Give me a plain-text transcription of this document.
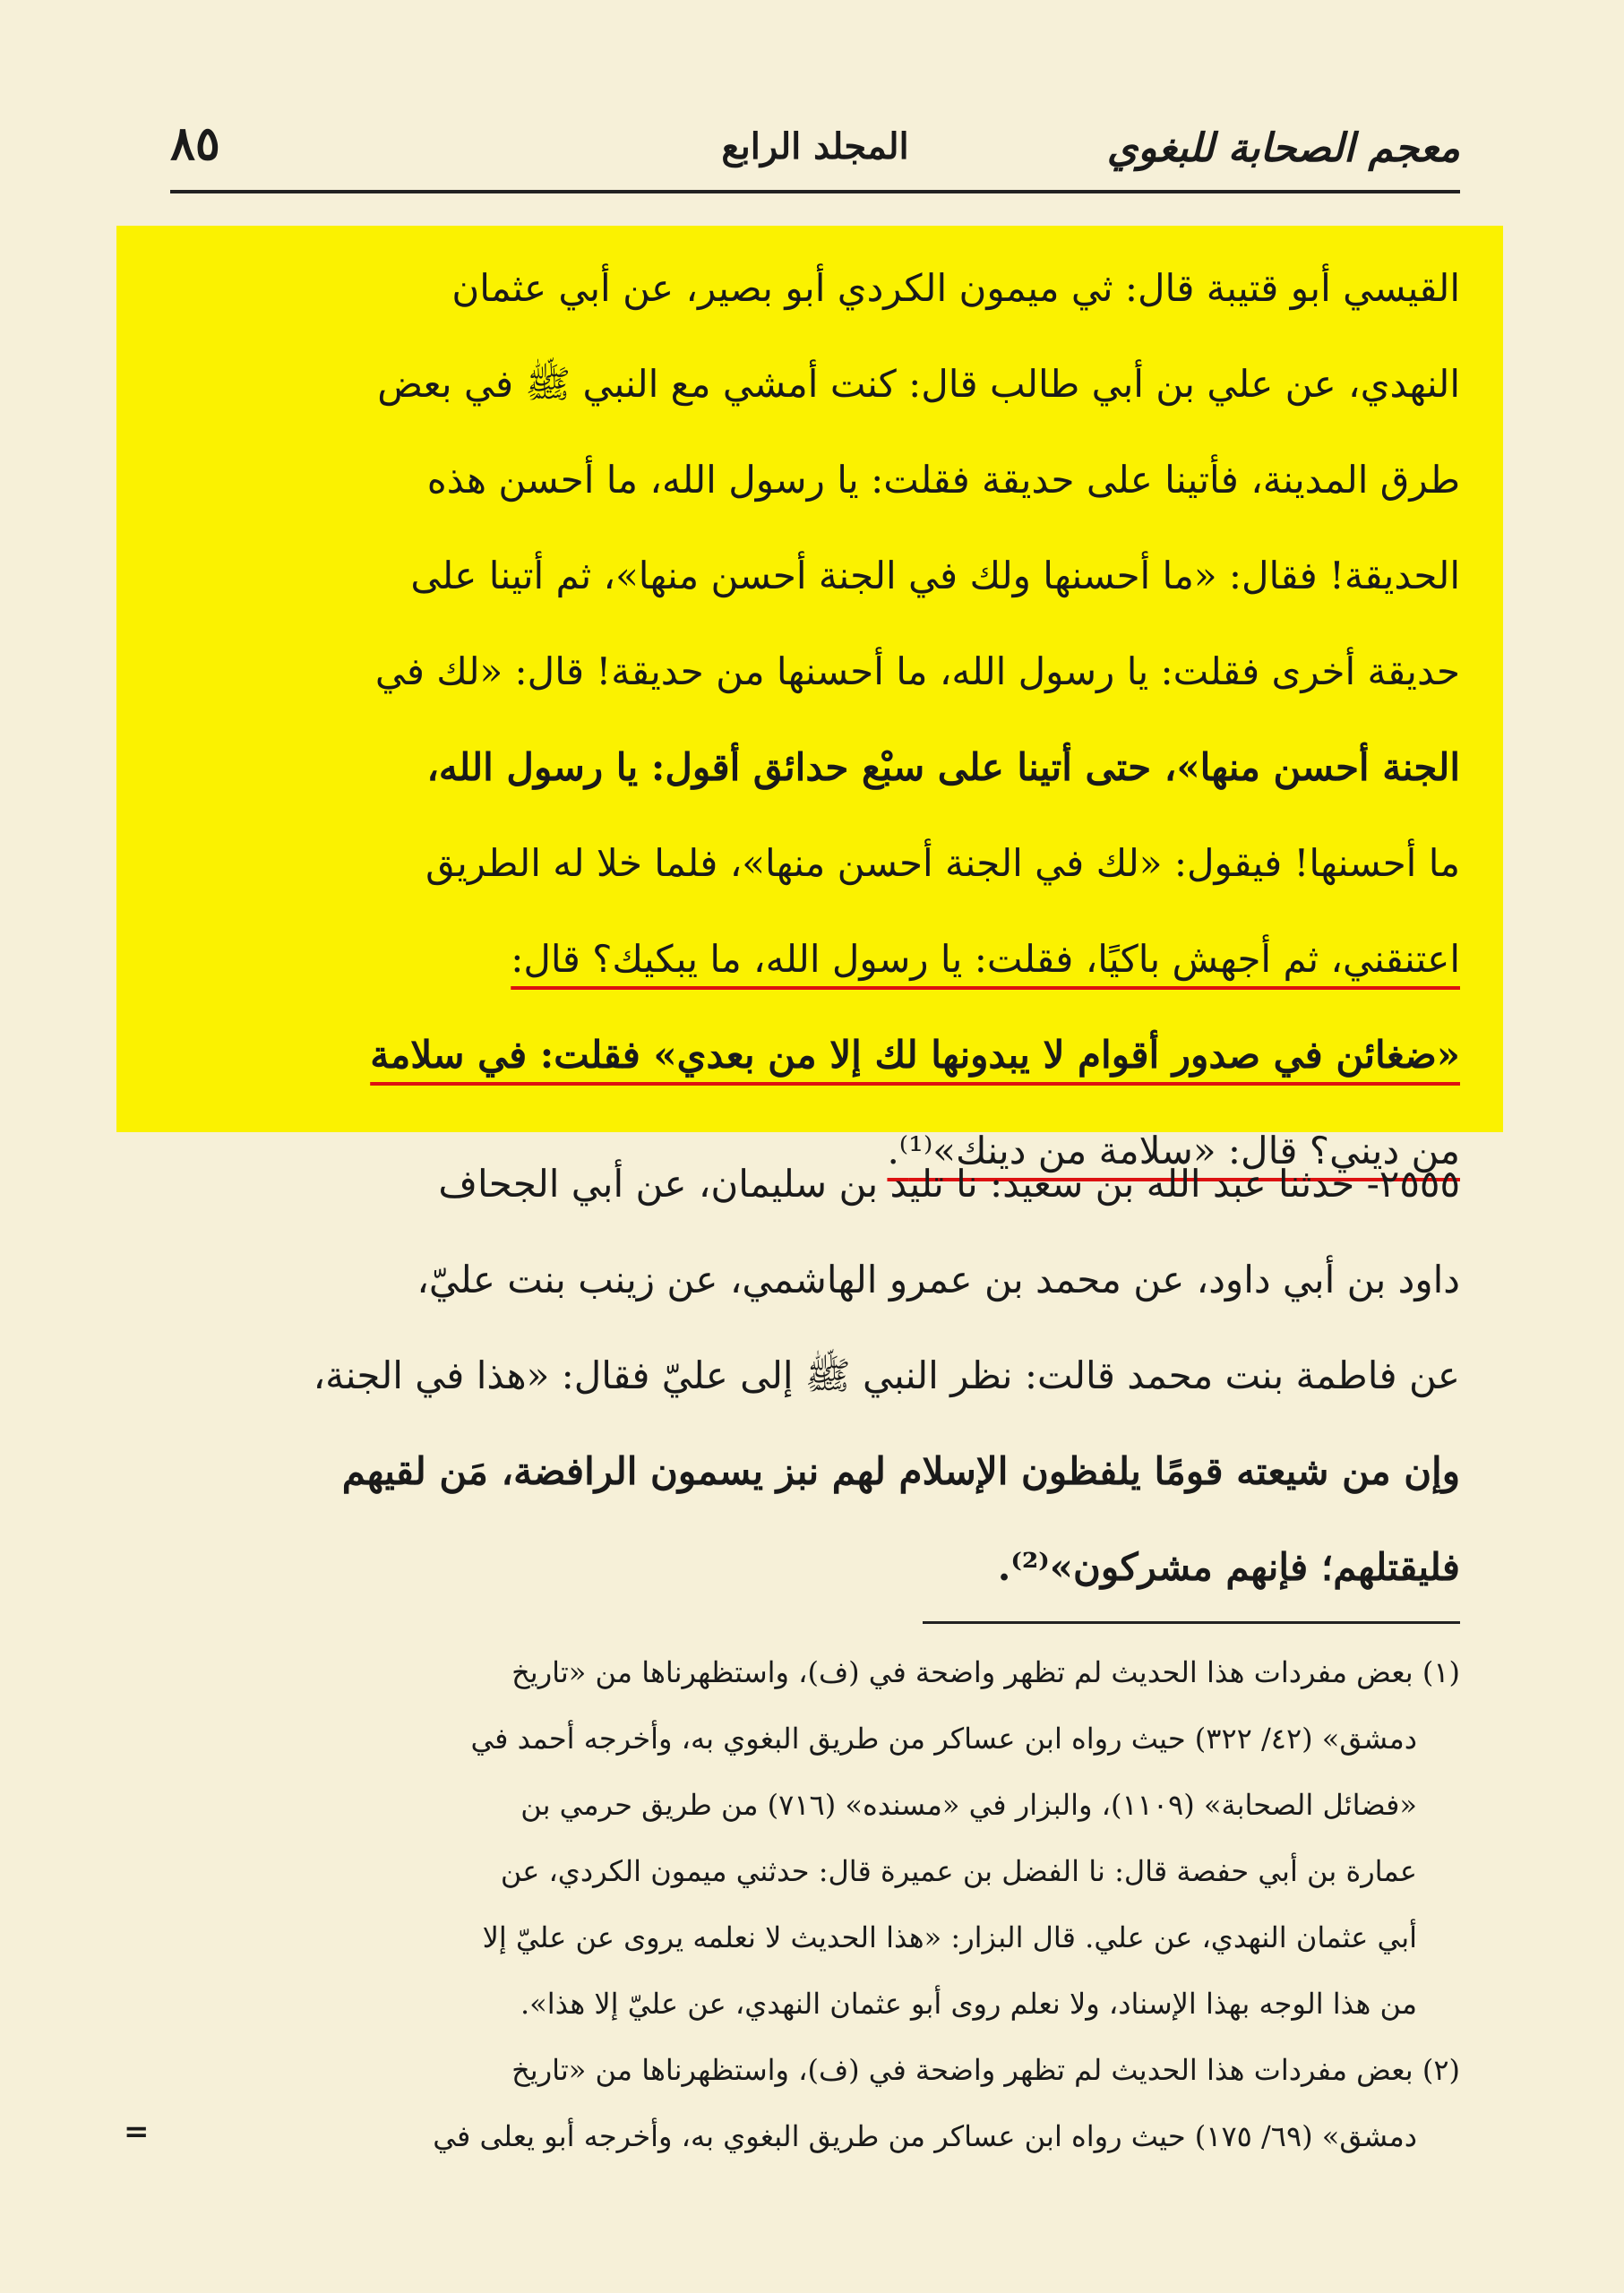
معجم الصحابة للبغوي
المجلد الرابع
٨٥
القيسي أبو قتيبة قال: ثي ميمون الكردي أبو بصير، عن أبي عثمان
النهدي، عن علي بن أبي طالب قال: كنت أمشي مع النبي ﷺ في بعض
طرق المدينة، فأتينا على حديقة فقلت: يا رسول الله، ما أحسن هذه
الحديقة! فقال: «ما أحسنها ولك في الجنة أحسن منها»، ثم أتينا على
حديقة أخرى فقلت: يا رسول الله، ما أحسنها من حديقة! قال: «لك في
الجنة أحسن منها»، حتى أتينا على سبْع حدائق أقول: يا رسول الله،
ما أحسنها! فيقول: «لك في الجنة أحسن منها»، فلما خلا له الطريق
اعتنقني، ثم أجهش باكيًا، فقلت: يا رسول الله، ما يبكيك؟ قال:
«ضغائن في صدور أقوام لا يبدونها لك إلا من بعدي» فقلت: في سلامة
من ديني؟ قال: «سلامة من دينك»⁽¹⁾.
٢٥٥٥- حدثنا عبد الله بن سعيد: نا تليد بن سليمان، عن أبي الجحاف
داود بن أبي داود، عن محمد بن عمرو الهاشمي، عن زينب بنت عليّ،
عن فاطمة بنت محمد قالت: نظر النبي ﷺ إلى عليّ فقال: «هذا في الجنة،
وإن من شيعته قومًا يلفظون الإسلام لهم نبز يسمون الرافضة، مَن لقيهم
فليقتلهم؛ فإنهم مشركون»⁽²⁾.
(١) بعض مفردات هذا الحديث لم تظهر واضحة في (ف)، واستظهرناها من «تاريخ
دمشق» (٤٢/ ٣٢٢) حيث رواه ابن عساكر من طريق البغوي به، وأخرجه أحمد في
«فضائل الصحابة» (١١٠٩)، والبزار في «مسنده» (٧١٦) من طريق حرمي بن
عمارة بن أبي حفصة قال: نا الفضل بن عميرة قال: حدثني ميمون الكردي، عن
أبي عثمان النهدي، عن علي. قال البزار: «هذا الحديث لا نعلمه يروى عن عليّ إلا
من هذا الوجه بهذا الإسناد، ولا نعلم روى أبو عثمان النهدي، عن عليّ إلا هذا».
(٢) بعض مفردات هذا الحديث لم تظهر واضحة في (ف)، واستظهرناها من «تاريخ
دمشق» (٦٩/ ١٧٥) حيث رواه ابن عساكر من طريق البغوي به، وأخرجه أبو يعلى في
=
